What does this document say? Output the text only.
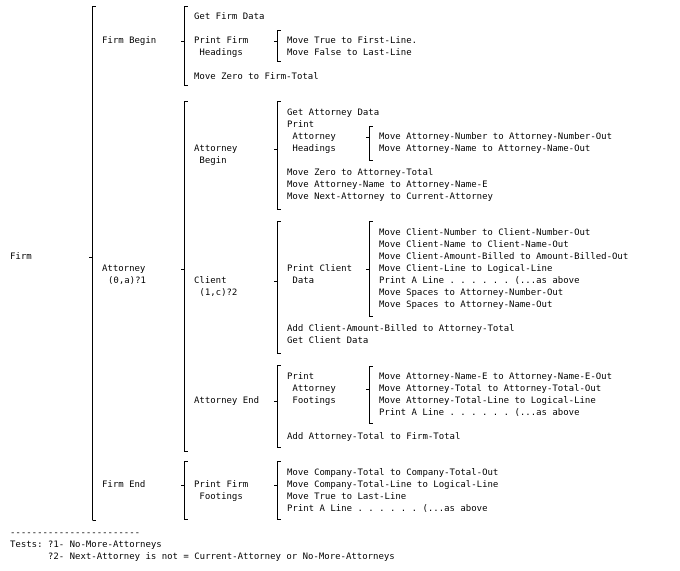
Firm
Firm Begin
Attorney
(0,a)?1
Firm End
Get Firm Data
Print Firm
Headings
Move Zero to Firm-Total
Attorney
Begin
Client
(1,c)?2
Attorney End
Print Firm
Footings
Move True to First-Line.
Move False to Last-Line
Get Attorney Data
Print
Attorney
Headings
Move Zero to Attorney-Total
Move Attorney-Name to Attorney-Name-E
Move Next-Attorney to Current-Attorney
Print Client
Data
Add Client-Amount-Billed to Attorney-Total
Get Client Data
Print
Attorney
Footings
Add Attorney-Total to Firm-Total
Move Company-Total to Company-Total-Out
Move Company-Total-Line to Logical-Line
Move True to Last-Line
Print A Line . . . . . . (...as above
Move Attorney-Number to Attorney-Number-Out
Move Attorney-Name to Attorney-Name-Out
Move Client-Number to Client-Number-Out
Move Client-Name to Client-Name-Out
Move Client-Amount-Billed to Amount-Billed-Out
Move Client-Line to Logical-Line
Print A Line . . . . . . (...as above
Move Spaces to Attorney-Number-Out
Move Spaces to Attorney-Name-Out
Move Attorney-Name-E to Attorney-Name-E-Out
Move Attorney-Total to Attorney-Total-Out
Move Attorney-Total-Line to Logical-Line
Print A Line . . . . . . (...as above
------------------------
Tests: ?1- No-More-Attorneys
?2- Next-Attorney is not = Current-Attorney or No-More-Attorneys
